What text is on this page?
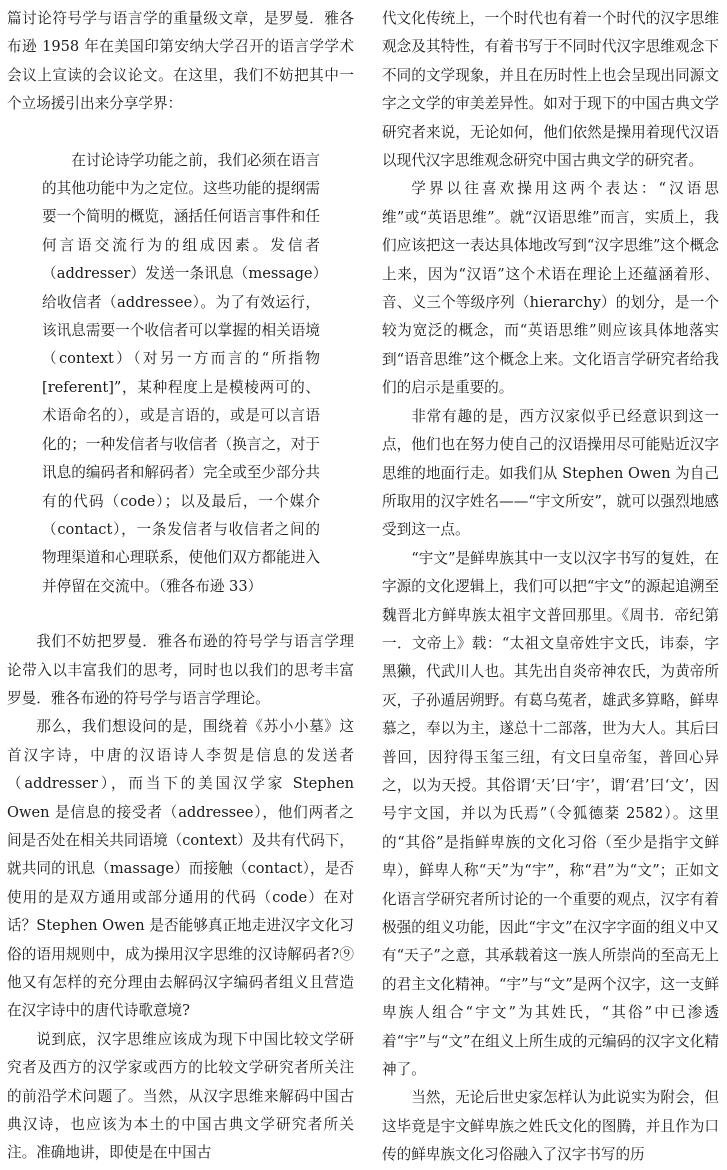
篇讨论符号学与语言学的重量级文章，是罗曼．雅各布逊 1958 年在美国印第安纳大学召开的语言学学术会议上宣读的会议论文。在这里，我们不妨把其中一个立场援引出来分享学界：

在讨论诗学功能之前，我们必须在语言的其他功能中为之定位。这些功能的提纲需要一个简明的概览，涵括任何语言事件和任何言语交流行为的组成因素。发信者（addresser）发送一条讯息（message）给收信者（addressee）。为了有效运行，该讯息需要一个收信者可以掌握的相关语境（context）（对另一方而言的“所指物 [referent]”，某种程度上是模棱两可的、术语命名的），或是言语的，或是可以言语化的；一种发信者与收信者（换言之，对于讯息的编码者和解码者）完全或至少部分共有的代码（code）；以及最后，一个媒介（contact），一条发信者与收信者之间的物理渠道和心理联系，使他们双方都能进入并停留在交流中。（雅各布逊 33）

我们不妨把罗曼．雅各布逊的符号学与语言学理论带入以丰富我们的思考，同时也以我们的思考丰富罗曼．雅各布逊的符号学与语言学理论。

那么，我们想设问的是，围绕着《苏小小墓》这首汉字诗，中唐的汉语诗人李贺是信息的发送者（addresser），而当下的美国汉学家 Stephen Owen 是信息的接受者（addressee），他们两者之间是否处在相关共同语境（context）及共有代码下，就共同的讯息（massage）而接触（contact），是否使用的是双方通用或部分通用的代码（code）在对话？Stephen Owen 是否能够真正地走进汉字文化习俗的语用规则中，成为操用汉字思维的汉诗解码者?⑨他又有怎样的充分理由去解码汉字编码者组义且营造在汉字诗中的唐代诗歌意境?

说到底，汉字思维应该成为现下中国比较文学研究者及西方的汉学家或西方的比较文学研究者所关注的前沿学术问题了。当然，从汉字思维来解码中国古典汉诗，也应该为本土的中国古典文学研究者所关注。准确地讲，即使是在中国古

代文化传统上，一个时代也有着一个时代的汉字思维观念及其特性，有着书写于不同时代汉字思维观念下不同的文学现象，并且在历时性上也会呈现出同源文字之文学的审美差异性。如对于现下的中国古典文学研究者来说，无论如何，他们依然是操用着现代汉语以现代汉字思维观念研究中国古典文学的研究者。

学界以往喜欢操用这两个表达：“汉语思维”或“英语思维”。就“汉语思维”而言，实质上，我们应该把这一表达具体地改写到“汉字思维”这个概念上来，因为“汉语”这个术语在理论上还蕴涵着形、音、义三个等级序列（hierarchy）的划分，是一个较为宽泛的概念，而“英语思维”则应该具体地落实到“语音思维”这个概念上来。文化语言学研究者给我们的启示是重要的。

非常有趣的是，西方汉家似乎已经意识到这一点，他们也在努力使自己的汉语操用尽可能贴近汉字思维的地面行走。如我们从 Stephen Owen 为自己所取用的汉字姓名——“宇文所安”，就可以强烈地感受到这一点。

“宇文”是鲜卑族其中一支以汉字书写的复姓，在字源的文化逻辑上，我们可以把“宇文”的源起追溯至魏晋北方鲜卑族太祖宇文普回那里。《周书．帝纪第一．文帝上》载：“太祖文皇帝姓宇文氏，讳泰，字黑獭，代武川人也。其先出自炎帝神农氏，为黄帝所灭，子孙遁居朔野。有葛乌菟者，雄武多算略，鲜卑慕之，奉以为主，遂总十二部落，世为大人。其后曰普回，因狩得玉玺三纽，有文曰皇帝玺，普回心异之，以为天授。其俗谓‘天’曰‘宇’，谓‘君’曰‘文’，因号宇文国，并以为氏焉”（令狐德棻 2582）。这里的“其俗”是指鲜卑族的文化习俗（至少是指宇文鲜卑），鲜卑人称“天”为“宇”，称“君”为“文”；正如文化语言学研究者所讨论的一个重要的观点，汉字有着极强的组义功能，因此“宇文”在汉字字面的组义中又有“天子”之意，其承载着这一族人所崇尚的至高无上的君主文化精神。“宇”与“文”是两个汉字，这一支鲜卑族人组合“宇文”为其姓氏，“其俗”中已渗透着“宇”与“文”在组义上所生成的元编码的汉字文化精神了。

当然，无论后世史家怎样认为此说实为附会，但这毕竟是宇文鲜卑族之姓氏文化的图腾，并且作为口传的鲜卑族文化习俗融入了汉字书写的历
